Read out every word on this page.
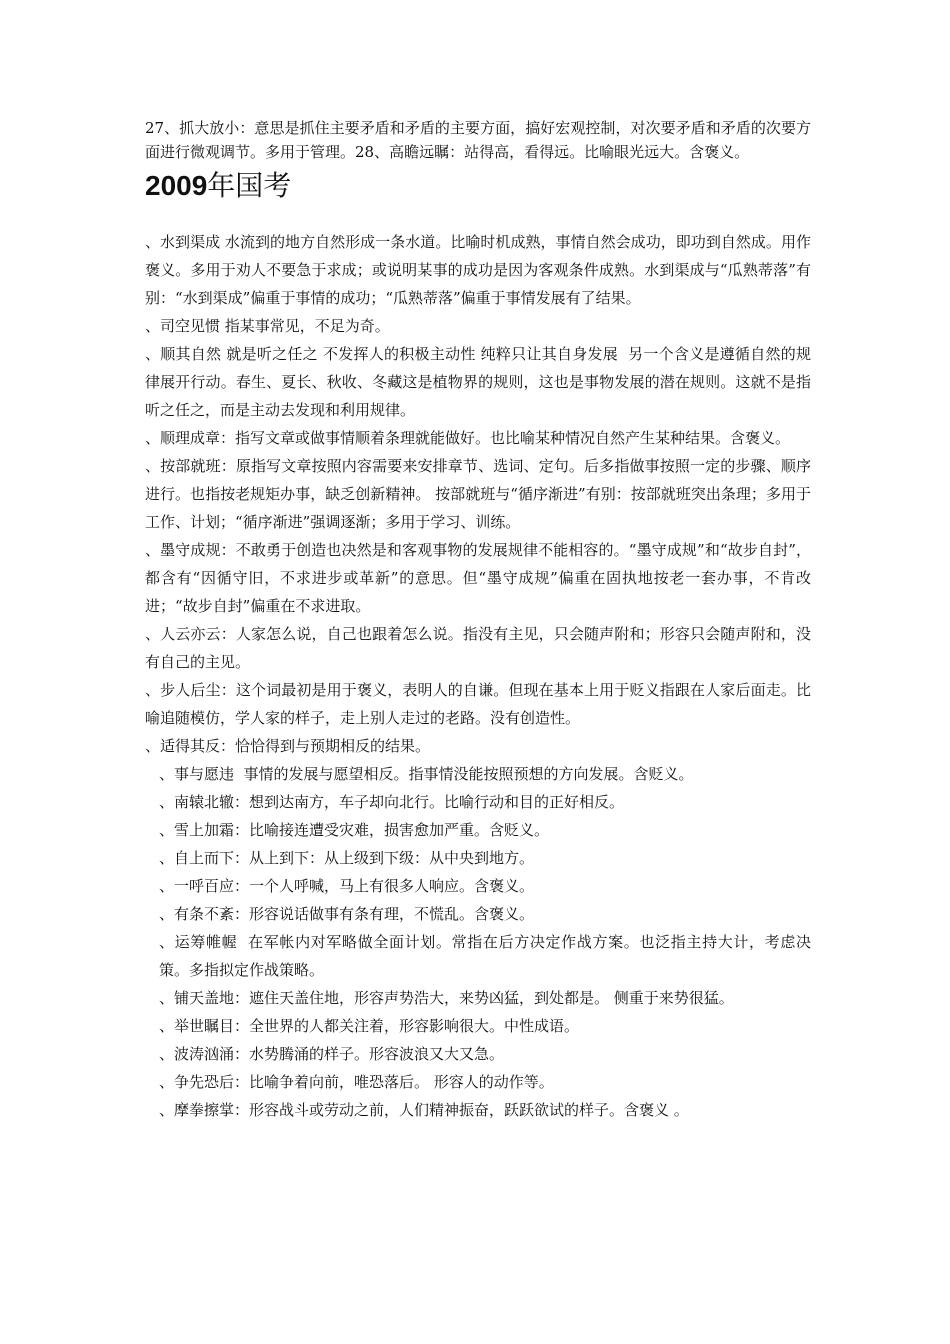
27、抓大放小：意思是抓住主要矛盾和矛盾的主要方面，搞好宏观控制，对次要矛盾和矛盾的次要方面进行微观调节。多用于管理。28、高瞻远瞩：站得高，看得远。比喻眼光远大。含褒义。

2009年国考

、水到渠成 水流到的地方自然形成一条水道。比喻时机成熟，事情自然会成功，即功到自然成。用作褒义。多用于劝人不要急于求成；或说明某事的成功是因为客观条件成熟。水到渠成与“瓜熟蒂落”有别：“水到渠成”偏重于事情的成功；“瓜熟蒂落”偏重于事情发展有了结果。

、司空见惯 指某事常见，不足为奇。

、顺其自然 就是听之任之 不发挥人的积极主动性 纯粹只让其自身发展  另一个含义是遵循自然的规律展开行动。春生、夏长、秋收、冬藏这是植物界的规则，这也是事物发展的潜在规则。这就不是指听之任之，而是主动去发现和利用规律。

、顺理成章：指写文章或做事情顺着条理就能做好。也比喻某种情况自然产生某种结果。含褒义。

、按部就班：原指写文章按照内容需要来安排章节、选词、定句。后多指做事按照一定的步骤、顺序进行。也指按老规矩办事，缺乏创新精神。 按部就班与“循序渐进”有别：按部就班突出条理；多用于工作、计划；“循序渐进”强调逐渐；多用于学习、训练。

、墨守成规：不敢勇于创造也决然是和客观事物的发展规律不能相容的。“墨守成规”和“故步自封”，都含有“因循守旧，不求进步或革新”的意思。但“墨守成规”偏重在固执地按老一套办事，不肯改进；“故步自封”偏重在不求进取。

、人云亦云：人家怎么说，自己也跟着怎么说。指没有主见，只会随声附和；形容只会随声附和，没有自己的主见。

、步人后尘：这个词最初是用于褒义，表明人的自谦。但现在基本上用于贬义指跟在人家后面走。比喻追随模仿，学人家的样子，走上别人走过的老路。没有创造性。

、适得其反：恰恰得到与预期相反的结果。

、事与愿违  事情的发展与愿望相反。指事情没能按照预想的方向发展。含贬义。

、南辕北辙：想到达南方，车子却向北行。比喻行动和目的正好相反。

、雪上加霜：比喻接连遭受灾难，损害愈加严重。含贬义。

、自上而下：从上到下：从上级到下级：从中央到地方。

、一呼百应：一个人呼喊，马上有很多人响应。含褒义。

、有条不紊：形容说话做事有条有理，不慌乱。含褒义。

、运筹帷幄  在军帐内对军略做全面计划。常指在后方决定作战方案。也泛指主持大计，考虑决策。多指拟定作战策略。

、铺天盖地：遮住天盖住地，形容声势浩大，来势凶猛，到处都是。 侧重于来势很猛。

、举世瞩目：全世界的人都关注着，形容影响很大。中性成语。

、波涛汹涌：水势腾涌的样子。形容波浪又大又急。

、争先恐后：比喻争着向前，唯恐落后。 形容人的动作等。

、摩拳擦掌：形容战斗或劳动之前，人们精神振奋，跃跃欲试的样子。含褒义 。
